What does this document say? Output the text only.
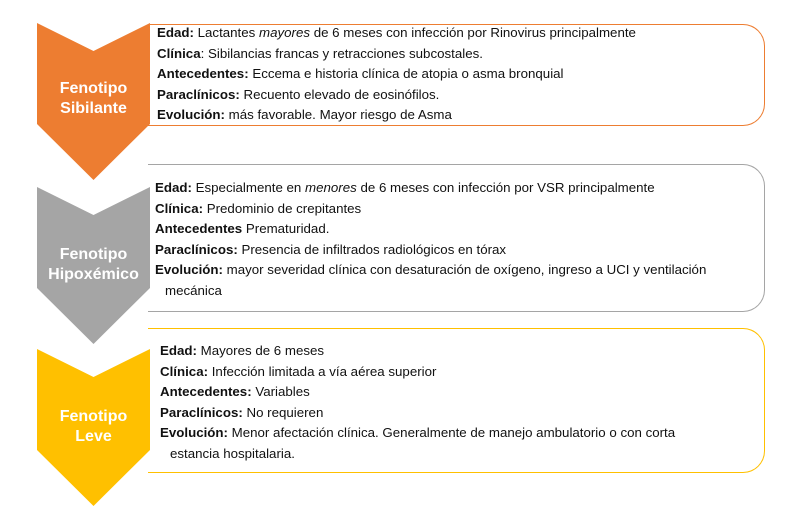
Fenotipo
Sibilante
Edad: Lactantes mayores de 6 meses con infección por Rinovirus principalmente
Clínica: Sibilancias francas y retracciones subcostales.
Antecedentes: Eccema e historia clínica de atopia o asma bronquial
Paraclínicos: Recuento elevado de eosinófilos.
Evolución: más favorable. Mayor riesgo de Asma
Fenotipo
Hipoxémico
Edad: Especialmente en menores de 6 meses con infección por VSR principalmente
Clínica: Predominio de crepitantes
Antecedentes Prematuridad.
Paraclínicos: Presencia de infiltrados radiológicos en tórax
Evolución: mayor severidad clínica con desaturación de oxígeno, ingreso a UCI y ventilación
mecánica
Fenotipo
Leve
Edad: Mayores de 6 meses
Clínica: Infección limitada a vía aérea superior
Antecedentes: Variables
Paraclínicos: No requieren
Evolución: Menor afectación clínica. Generalmente de manejo ambulatorio o con corta
estancia hospitalaria.
